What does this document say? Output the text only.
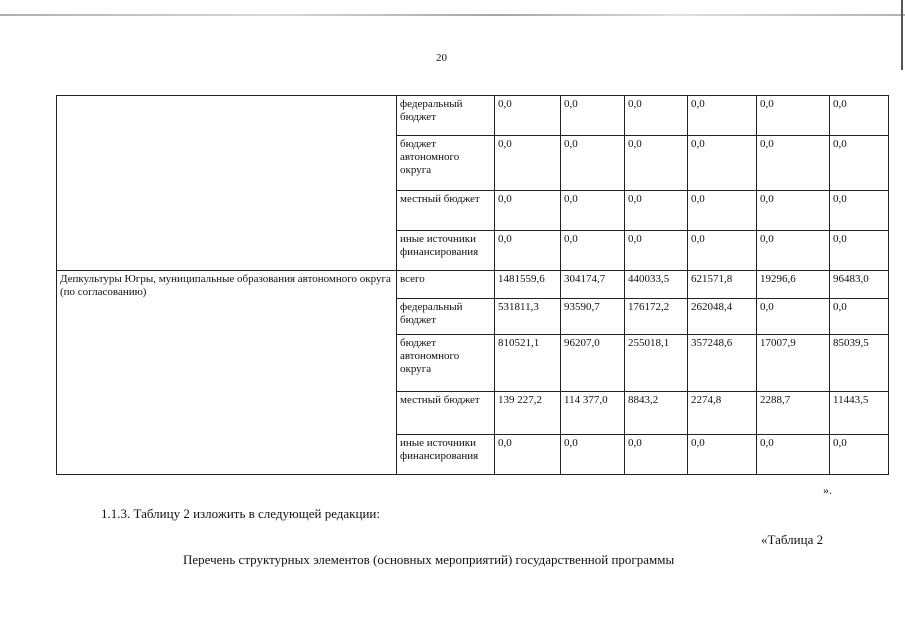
20
	федеральный бюджет	0,0	0,0	0,0	0,0	0,0	0,0
	бюджет автономного округа	0,0	0,0	0,0	0,0	0,0	0,0
	местный бюджет	0,0	0,0	0,0	0,0	0,0	0,0
	иные источники финансирования	0,0	0,0	0,0	0,0	0,0	0,0
Депкультуры Югры, муниципальные образования автономного округа (по согласованию)	всего	1481559,6	304174,7	440033,5	621571,8	19296,6	96483,0
	федеральный бюджет	531811,3	93590,7	176172,2	262048,4	0,0	0,0
	бюджет автономного округа	810521,1	96207,0	255018,1	357248,6	17007,9	85039,5
	местный бюджет	139 227,2	114 377,0	8843,2	2274,8	2288,7	11443,5
	иные источники финансирования	0,0	0,0	0,0	0,0	0,0	0,0
».
1.1.3. Таблицу 2 изложить в следующей редакции:
«Таблица 2
Перечень структурных элементов (основных мероприятий) государственной программы
